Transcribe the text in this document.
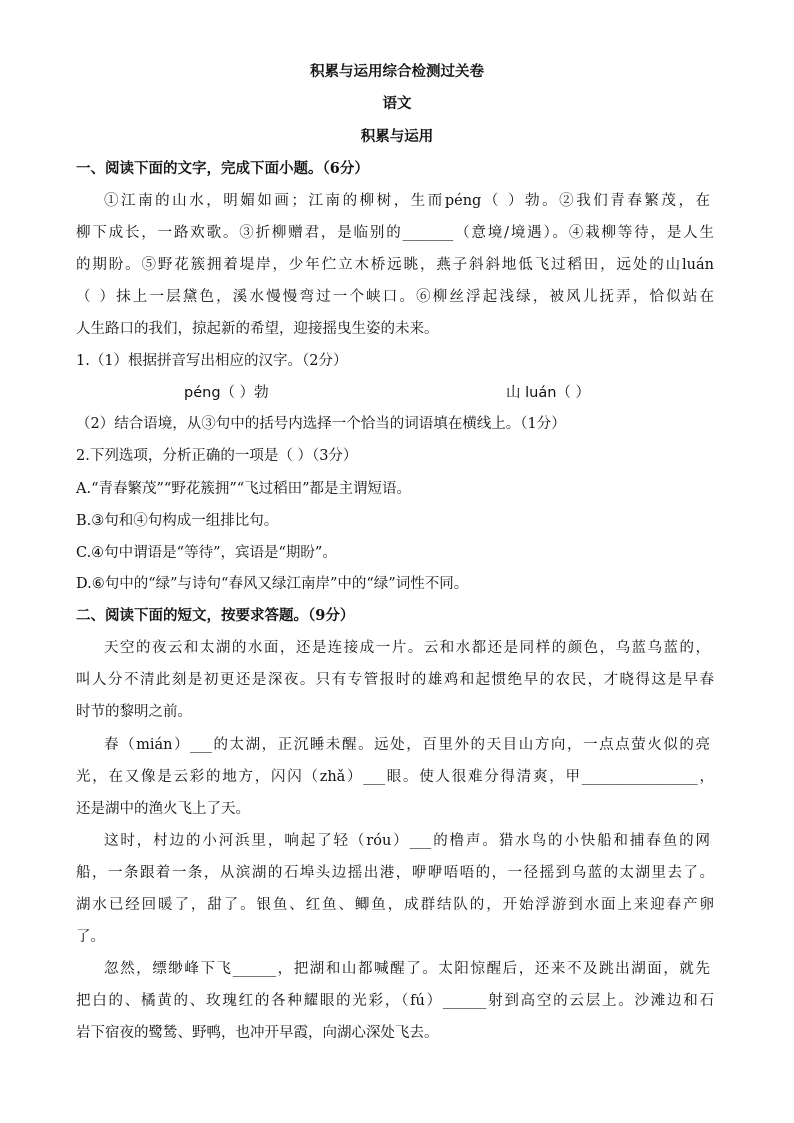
积累与运用综合检测过关卷
语文
积累与运用
一、阅读下面的文字，完成下面小题。（6分）
①江南的山水，明媚如画；江南的柳树，生而péng（ ）勃。②我们青春繁茂，在
柳下成长，一路欢歌。③折柳赠君，是临别的_______（意境/境遇）。④栽柳等待，是人生
的期盼。⑤野花簇拥着堤岸，少年伫立木桥远眺，燕子斜斜地低飞过稻田，远处的山luán
（ ）抹上一层黛色，溪水慢慢弯过一个峡口。⑥柳丝浮起浅绿，被风儿抚弄，恰似站在
人生路口的我们，掠起新的希望，迎接摇曳生姿的未来。
1.（1）根据拼音写出相应的汉字。（2分）
péng（ ）勃	山 luán（ ）
（2）结合语境，从③句中的括号内选择一个恰当的词语填在横线上。（1分）
2.下列选项，分析正确的一项是（ ）（3分）
A.“青春繁茂”“野花簇拥”“飞过稻田”都是主谓短语。
B.③句和④句构成一组排比句。
C.④句中谓语是“等待”，宾语是“期盼”。
D.⑥句中的“绿”与诗句“春风又绿江南岸”中的“绿”词性不同。
二、阅读下面的短文，按要求答题。（9分）
天空的夜云和太湖的水面，还是连接成一片。云和水都还是同样的颜色，乌蓝乌蓝的，
叫人分不清此刻是初更还是深夜。只有专管报时的雄鸡和起惯绝早的农民，才晓得这是早春
时节的黎明之前。
春（mián）___的太湖，正沉睡未醒。远处，百里外的天目山方向，一点点萤火似的亮
光，在又像是云彩的地方，闪闪（zhǎ）___眼。使人很难分得清爽，甲________________，
还是湖中的渔火飞上了天。
这时，村边的小河浜里，响起了轻（róu）___的橹声。猎水鸟的小快船和捕春鱼的网
船，一条跟着一条，从滨湖的石埠头边摇出港，咿咿唔唔的，一径摇到乌蓝的太湖里去了。
湖水已经回暖了，甜了。银鱼、红鱼、鲫鱼，成群结队的，开始浮游到水面上来迎春产卵
了。
忽然，缥缈峰下飞______，把湖和山都喊醒了。太阳惊醒后，还来不及跳出湖面，就先
把白的、橘黄的、玫瑰红的各种耀眼的光彩，（fú）______射到高空的云层上。沙滩边和石
岩下宿夜的鹭鸶、野鸭，也冲开早霞，向湖心深处飞去。
